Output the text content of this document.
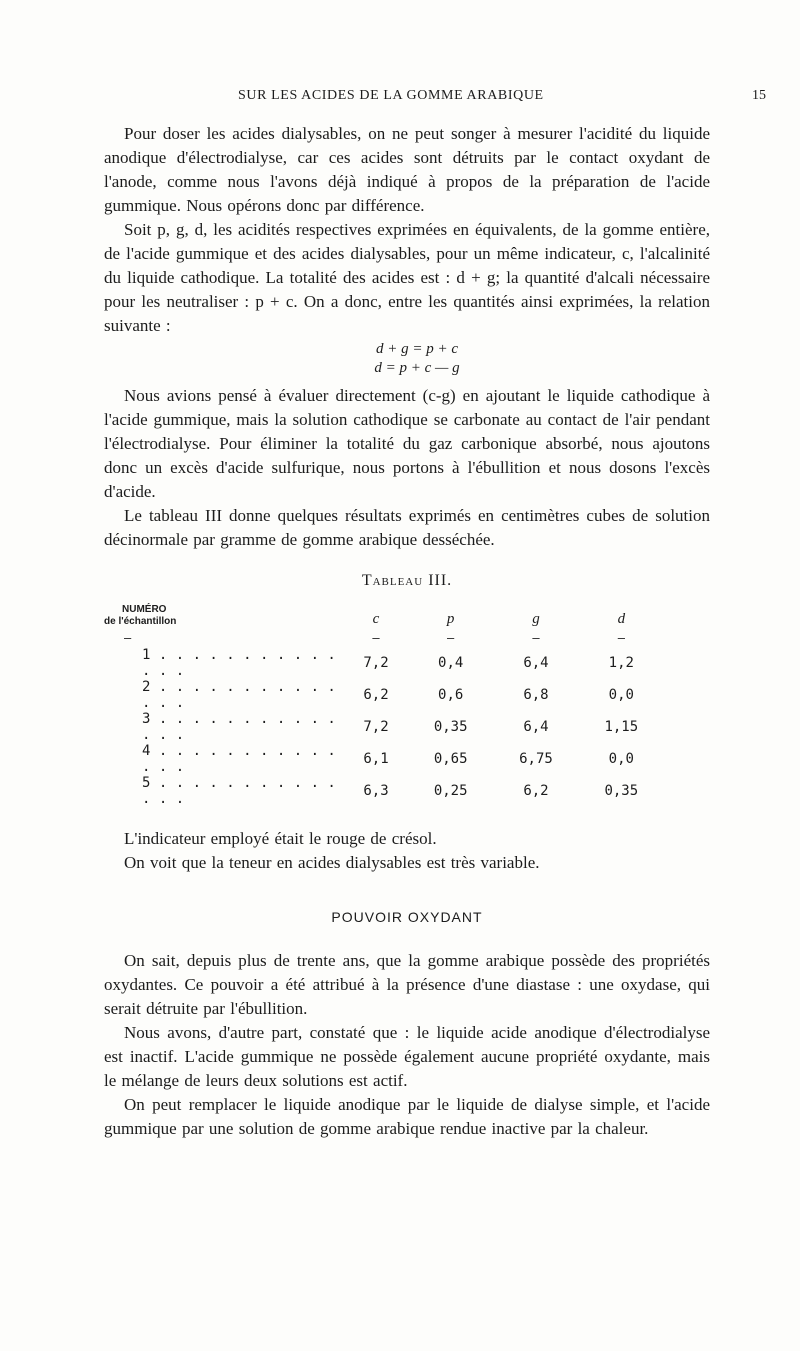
SUR LES ACIDES DE LA GOMME ARABIQUE	15

Pour doser les acides dialysables, on ne peut songer à mesurer l'acidité du liquide anodique d'électrodialyse, car ces acides sont détruits par le contact oxydant de l'anode, comme nous l'avons déjà indiqué à propos de la préparation de l'acide gummique. Nous opérons donc par différence.

Soit p, g, d, les acidités respectives exprimées en équivalents, de la gomme entière, de l'acide gummique et des acides dialysables, pour un même indicateur, c, l'alcalinité du liquide cathodique. La totalité des acides est : d + g; la quantité d'alcali nécessaire pour les neutraliser : p + c. On a donc, entre les quantités ainsi exprimées, la relation suivante :

d + g = p + c
d = p + c — g

Nous avions pensé à évaluer directement (c-g) en ajoutant le liquide cathodique à l'acide gummique, mais la solution cathodique se carbonate au contact de l'air pendant l'électrodialyse. Pour éliminer la totalité du gaz carbonique absorbé, nous ajoutons donc un excès d'acide sulfurique, nous portons à l'ébullition et nous dosons l'excès d'acide.

Le tableau III donne quelques résultats exprimés en centimètres cubes de solution décinormale par gramme de gomme arabique desséchée.

Tableau III.
NUMÉRO
de l'échantillon	c	p	g	d
—	—	—	—	—
1 . . . . . . . . . . . . . .	7,2	0,4	6,4	1,2
2 . . . . . . . . . . . . . .	6,2	0,6	6,8	0,0
3 . . . . . . . . . . . . . .	7,2	0,35	6,4	1,15
4 . . . . . . . . . . . . . .	6,1	0,65	6,75	0,0
5 . . . . . . . . . . . . . .	6,3	0,25	6,2	0,35

L'indicateur employé était le rouge de crésol.

On voit que la teneur en acides dialysables est très variable.

POUVOIR OXYDANT

On sait, depuis plus de trente ans, que la gomme arabique possède des propriétés oxydantes. Ce pouvoir a été attribué à la présence d'une diastase : une oxydase, qui serait détruite par l'ébullition.

Nous avons, d'autre part, constaté que : le liquide acide anodique d'électrodialyse est inactif. L'acide gummique ne possède également aucune propriété oxydante, mais le mélange de leurs deux solutions est actif.

On peut remplacer le liquide anodique par le liquide de dialyse simple, et l'acide gummique par une solution de gomme arabique rendue inactive par la chaleur.
